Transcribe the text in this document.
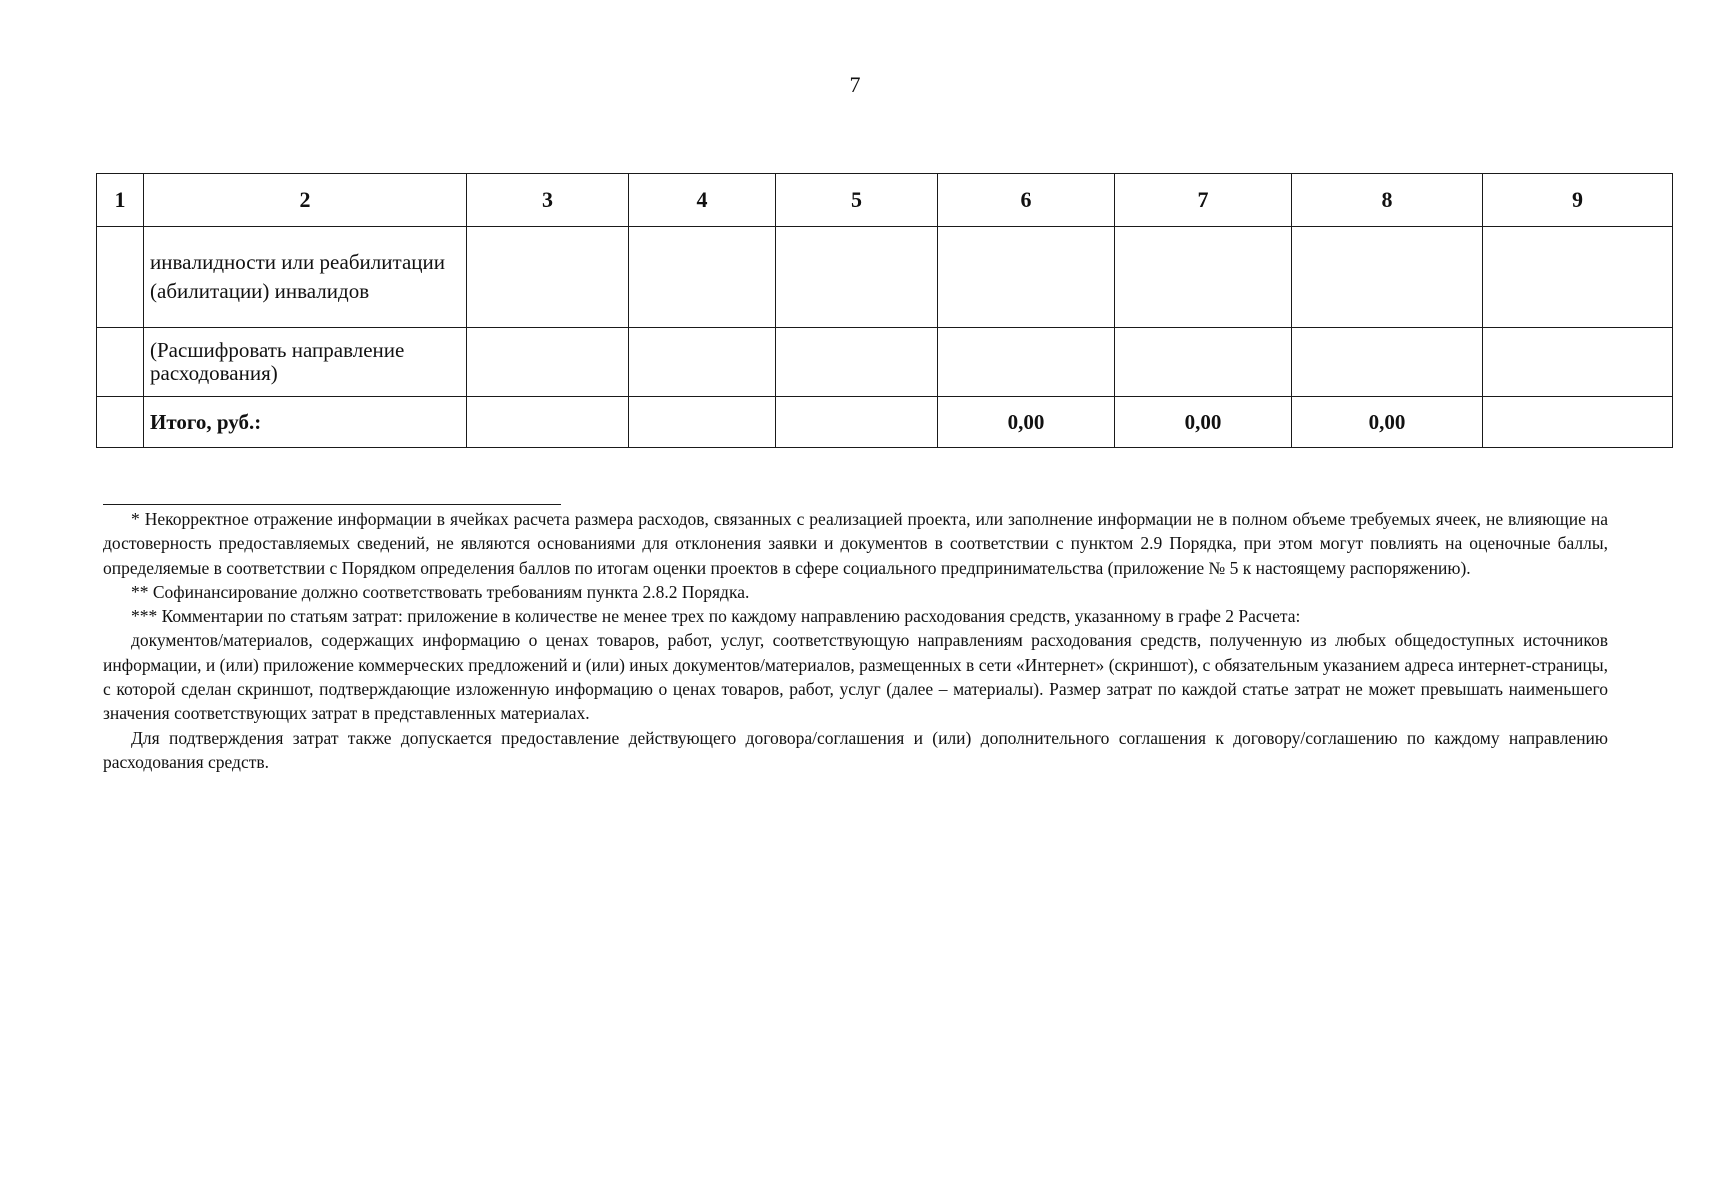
7
1	2	3	4	5	6	7	8	9
	инвалидности или реабилитации (абилитации) инвалидов							
	(Расшифровать направление расходования)							
	Итого, руб.:				0,00	0,00	0,00	

* Некорректное отражение информации в ячейках расчета размера расходов, связанных с реализацией проекта, или заполнение информации не в полном объеме требуемых ячеек, не влияющие на достоверность предоставляемых сведений, не являются основаниями для отклонения заявки и документов в соответствии с пунктом 2.9 Порядка, при этом могут повлиять на оценочные баллы, определяемые в соответствии с Порядком определения баллов по итогам оценки проектов в сфере социального предпринимательства (приложение № 5 к настоящему распоряжению).

** Софинансирование должно соответствовать требованиям пункта 2.8.2 Порядка.

*** Комментарии по статьям затрат: приложение в количестве не менее трех по каждому направлению расходования средств, указанному в графе 2 Расчета:

документов/материалов, содержащих информацию о ценах товаров, работ, услуг, соответствующую направлениям расходования средств, полученную из любых общедоступных источников информации, и (или) приложение коммерческих предложений и (или) иных документов/материалов, размещенных в сети «Интернет» (скриншот), с обязательным указанием адреса интернет-страницы, с которой сделан скриншот, подтверждающие изложенную информацию о ценах товаров, работ, услуг (далее – материалы). Размер затрат по каждой статье затрат не может превышать наименьшего значения соответствующих затрат в представленных материалах.

Для подтверждения затрат также допускается предоставление действующего договора/соглашения и (или) дополнительного соглашения к договору/соглашению по каждому направлению расходования средств.
